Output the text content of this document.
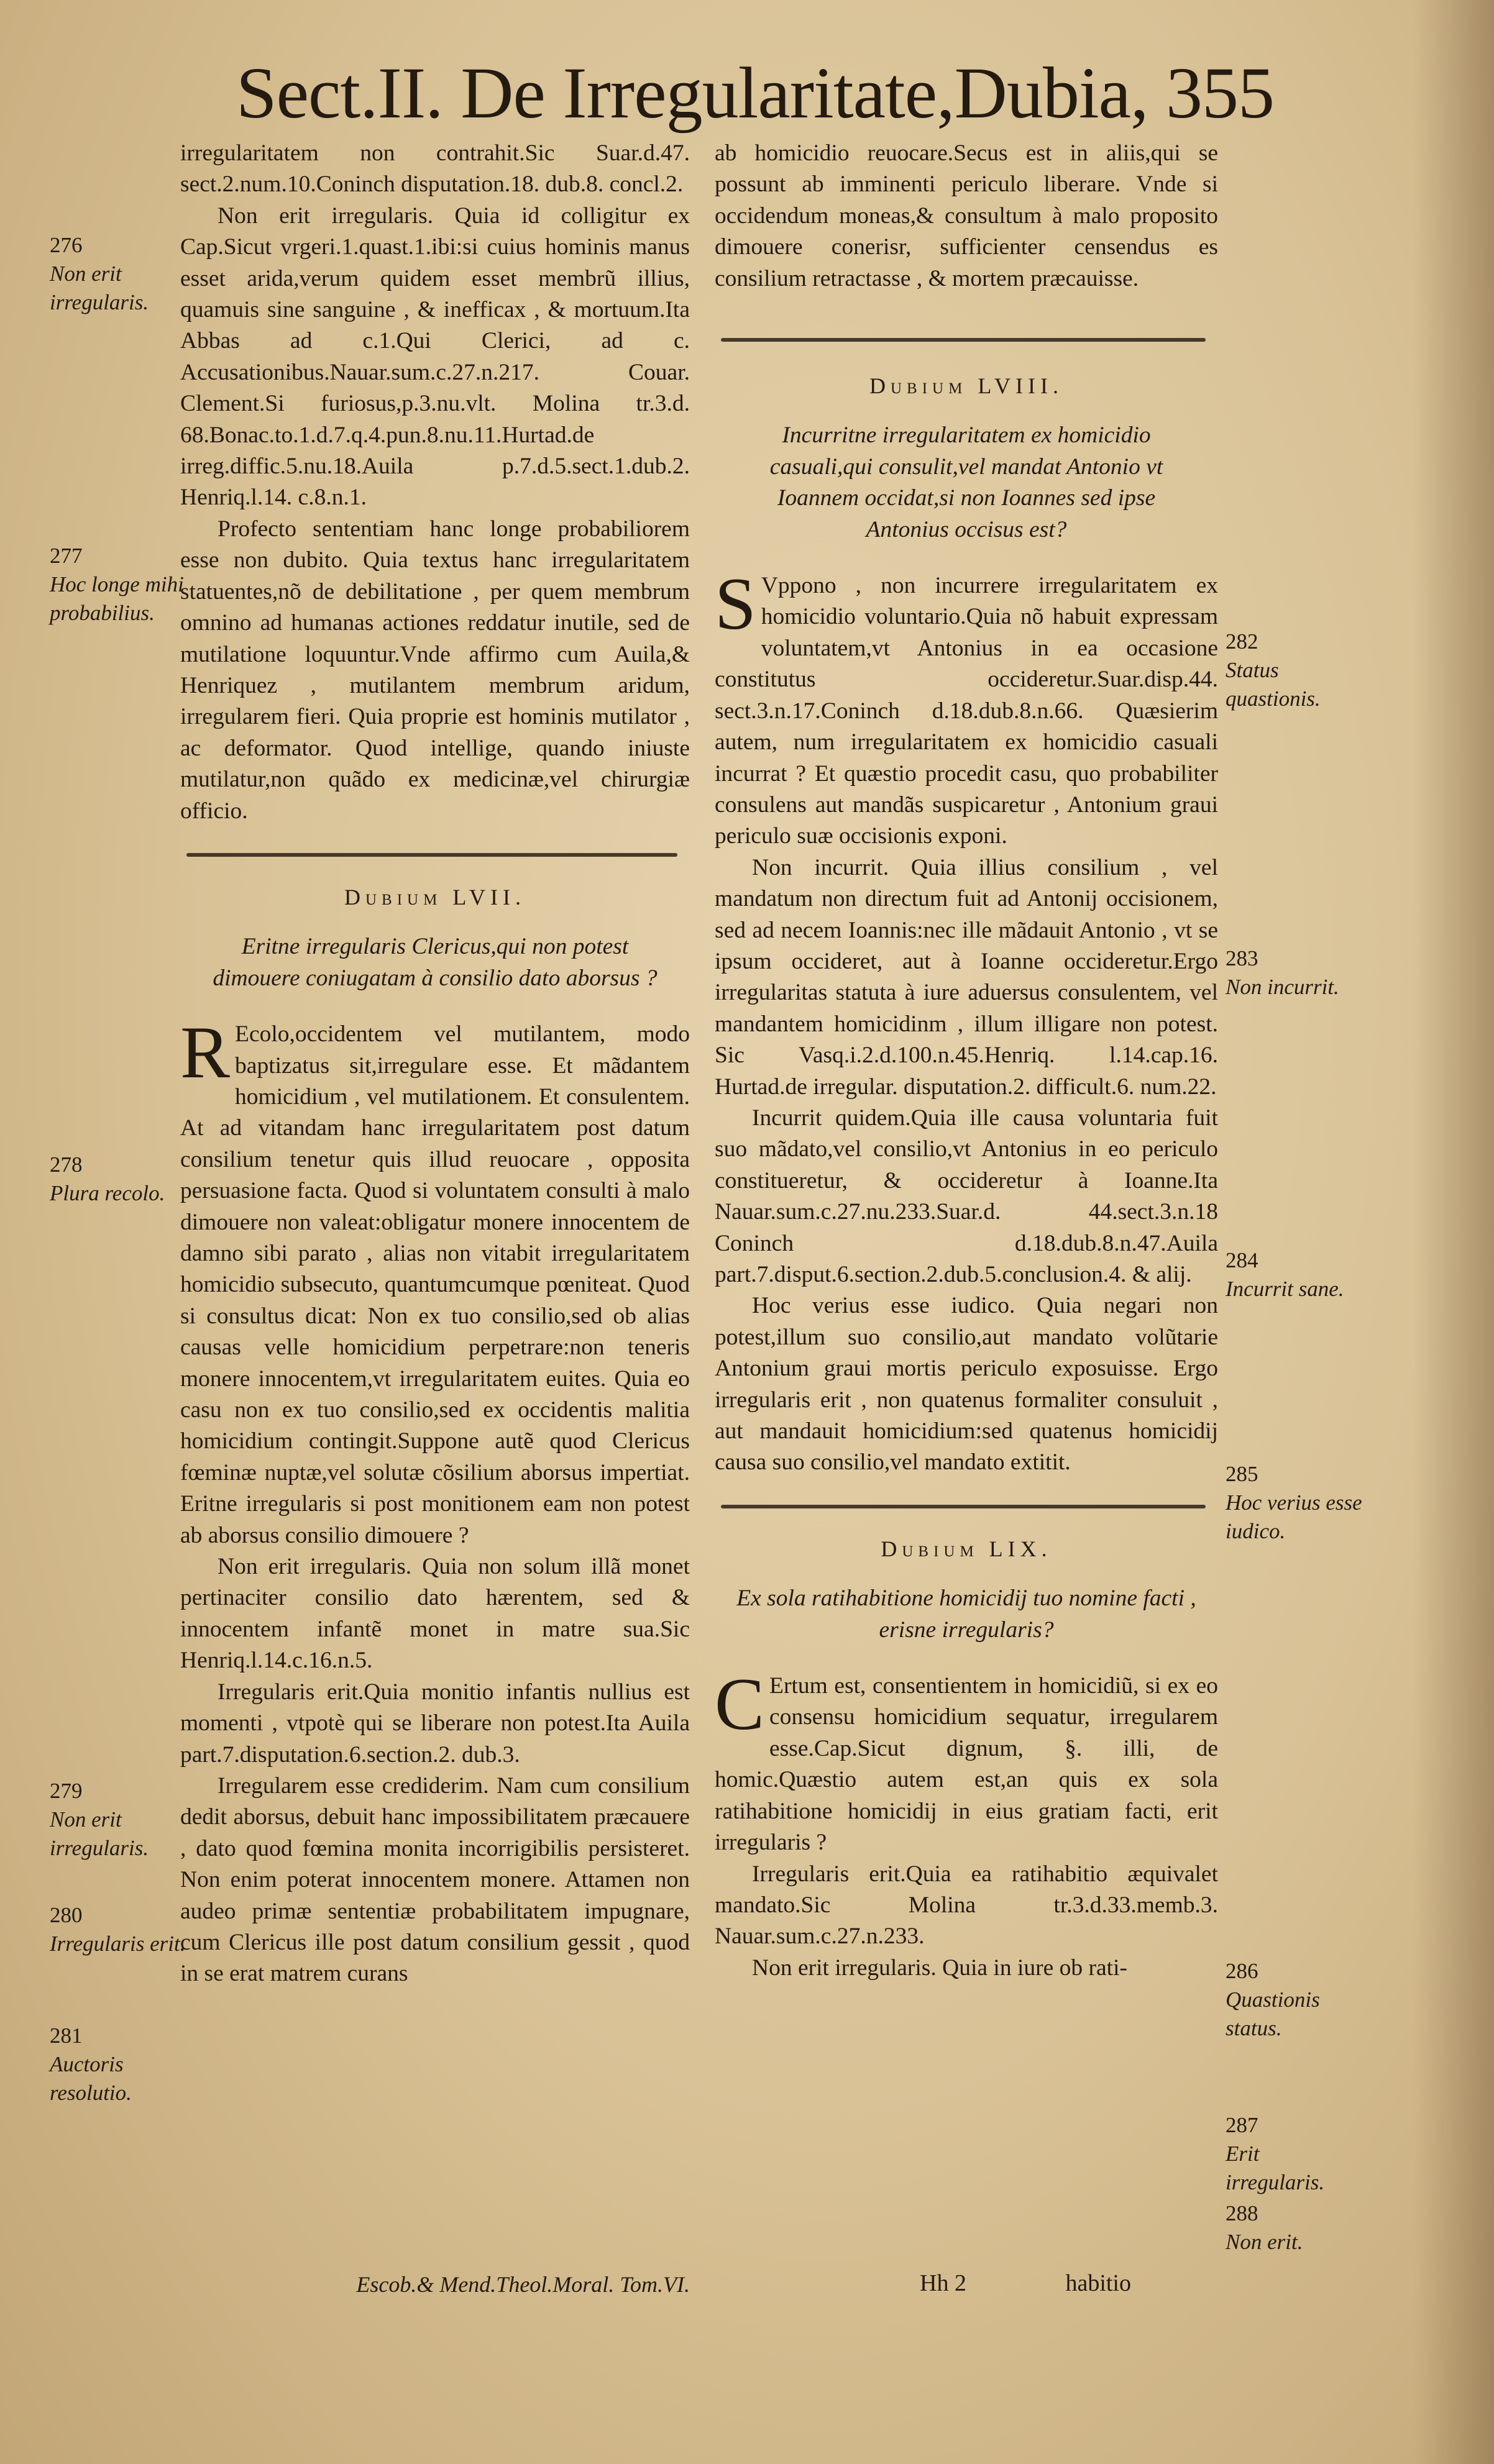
Sect.II. De Irregularitate,Dubia, 355

irregularitatem non contrahit.Sic Suar.d.47. sect.2.num.10.Coninch disputation.18. dub.8. concl.2.

Non erit irregularis. Quia id colligitur ex Cap.Sicut vrgeri.1.quast.1.ibi:si cuius hominis manus esset arida,verum quidem esset membrũ illius, quamuis sine sanguine , & inefficax , & mortuum.Ita Abbas ad c.1.Qui Clerici, ad c. Accusationibus.Nauar.sum.c.27.n.217. Couar. Clement.Si furiosus,p.3.nu.vlt. Molina tr.3.d. 68.Bonac.to.1.d.7.q.4.pun.8.nu.11.Hurtad.de irreg.diffic.5.nu.18.Auila p.7.d.5.sect.1.dub.2. Henriq.l.14. c.8.n.1.

Profecto sententiam hanc longe probabiliorem esse non dubito. Quia textus hanc irregularitatem statuentes,nõ de debilitatione , per quem membrum omnino ad humanas actiones reddatur inutile, sed de mutilatione loquuntur.Vnde affirmo cum Auila,& Henriquez , mutilantem membrum aridum, irregularem fieri. Quia proprie est hominis mutilator , ac deformator. Quod intellige, quando iniuste mutilatur,non quãdo ex medicinæ,vel chirurgiæ officio.

Dubium LVII.
Eritne irregularis Clericus,qui non potest dimouere coniugatam à consilio dato aborsus ?

R Ecolo,occidentem vel mutilantem, modo baptizatus sit,irregulare esse. Et mãdantem homicidium , vel mutilationem. Et consulentem. At ad vitandam hanc irregularitatem post datum consilium tenetur quis illud reuocare , opposita persuasione facta. Quod si voluntatem consulti à malo dimouere non valeat:obligatur monere innocentem de damno sibi parato , alias non vitabit irregularitatem homicidio subsecuto, quantumcumque pœniteat. Quod si consultus dicat: Non ex tuo consilio,sed ob alias causas velle homicidium perpetrare:non teneris monere innocentem,vt irregularitatem euites. Quia eo casu non ex tuo consilio,sed ex occidentis malitia homicidium contingit.Suppone autẽ quod Clericus fœminæ nuptæ,vel solutæ cõsilium aborsus impertiat. Eritne irregularis si post monitionem eam non potest ab aborsus consilio dimouere ?

Non erit irregularis. Quia non solum illã monet pertinaciter consilio dato hærentem, sed & innocentem infantẽ monet in matre sua.Sic Henriq.l.14.c.16.n.5.

Irregularis erit.Quia monitio infantis nullius est momenti , vtpotè qui se liberare non potest.Ita Auila part.7.disputation.6.section.2. dub.3.

Irregularem esse crediderim. Nam cum consilium dedit aborsus, debuit hanc impossibilitatem præcauere , dato quod fœmina monita incorrigibilis persisteret. Non enim poterat innocentem monere. Attamen non audeo primæ sententiæ probabilitatem impugnare, cum Clericus ille post datum consilium gessit , quod in se erat matrem curans

ab homicidio reuocare.Secus est in aliis,qui se possunt ab imminenti periculo liberare. Vnde si occidendum moneas,& consultum à malo proposito dimouere conerisr, sufficienter censendus es consilium retractasse , & mortem præcauisse.

Dubium LVIII.
Incurritne irregularitatem ex homicidio casuali,qui consulit,vel mandat Antonio vt Ioannem occidat,si non Ioannes sed ipse Antonius occisus est?

S Vppono , non incurrere irregularitatem ex homicidio voluntario.Quia nõ habuit expressam voluntatem,vt Antonius in ea occasione constitutus occideretur.Suar.disp.44. sect.3.n.17.Coninch d.18.dub.8.n.66. Quæsierim autem, num irregularitatem ex homicidio casuali incurrat ? Et quæstio procedit casu, quo probabiliter consulens aut mandãs suspicaretur , Antonium graui periculo suæ occisionis exponi.

Non incurrit. Quia illius consilium , vel mandatum non directum fuit ad Antonij occisionem, sed ad necem Ioannis:nec ille mãdauit Antonio , vt se ipsum occideret, aut à Ioanne occideretur.Ergo irregularitas statuta à iure aduersus consulentem, vel mandantem homicidinm , illum illigare non potest. Sic Vasq.i.2.d.100.n.45.Henriq. l.14.cap.16. Hurtad.de irregular. disputation.2. difficult.6. num.22.

Incurrit quidem.Quia ille causa voluntaria fuit suo mãdato,vel consilio,vt Antonius in eo periculo constitueretur, & occideretur à Ioanne.Ita Nauar.sum.c.27.nu.233.Suar.d. 44.sect.3.n.18 Coninch d.18.dub.8.n.47.Auila part.7.disput.6.section.2.dub.5.conclusion.4. & alij.

Hoc verius esse iudico. Quia negari non potest,illum suo consilio,aut mandato volũtarie Antonium graui mortis periculo exposuisse. Ergo irregularis erit , non quatenus formaliter consuluit , aut mandauit homicidium:sed quatenus homicidij causa suo consilio,vel mandato extitit.

Dubium LIX.
Ex sola ratihabitione homicidij tuo nomine facti , erisne irregularis?

C Ertum est, consentientem in homicidiũ, si ex eo consensu homicidium sequatur, irregularem esse.Cap.Sicut dignum, §. illi, de homic.Quæstio autem est,an quis ex sola ratihabitione homicidij in eius gratiam facti, erit irregularis ?

Irregularis erit.Quia ea ratihabitio æquivalet mandato.Sic Molina tr.3.d.33.memb.3. Nauar.sum.c.27.n.233.

Non erit irregularis. Quia in iure ob rati-

276
Non erit irregularis.
277
Hoc longe mihi probabilius.
278
Plura recolo.
279
Non erit irregularis.
280
Irregularis erit.
281
Auctoris resolutio.
282
Status quastionis.
283
Non incurrit.
284
Incurrit sane.
285
Hoc verius esse iudico.
286
Quastionis status.
287
Erit irregularis.
288
Non erit.
Escob.& Mend.Theol.Moral. Tom.VI.	Hh 2	habitio
